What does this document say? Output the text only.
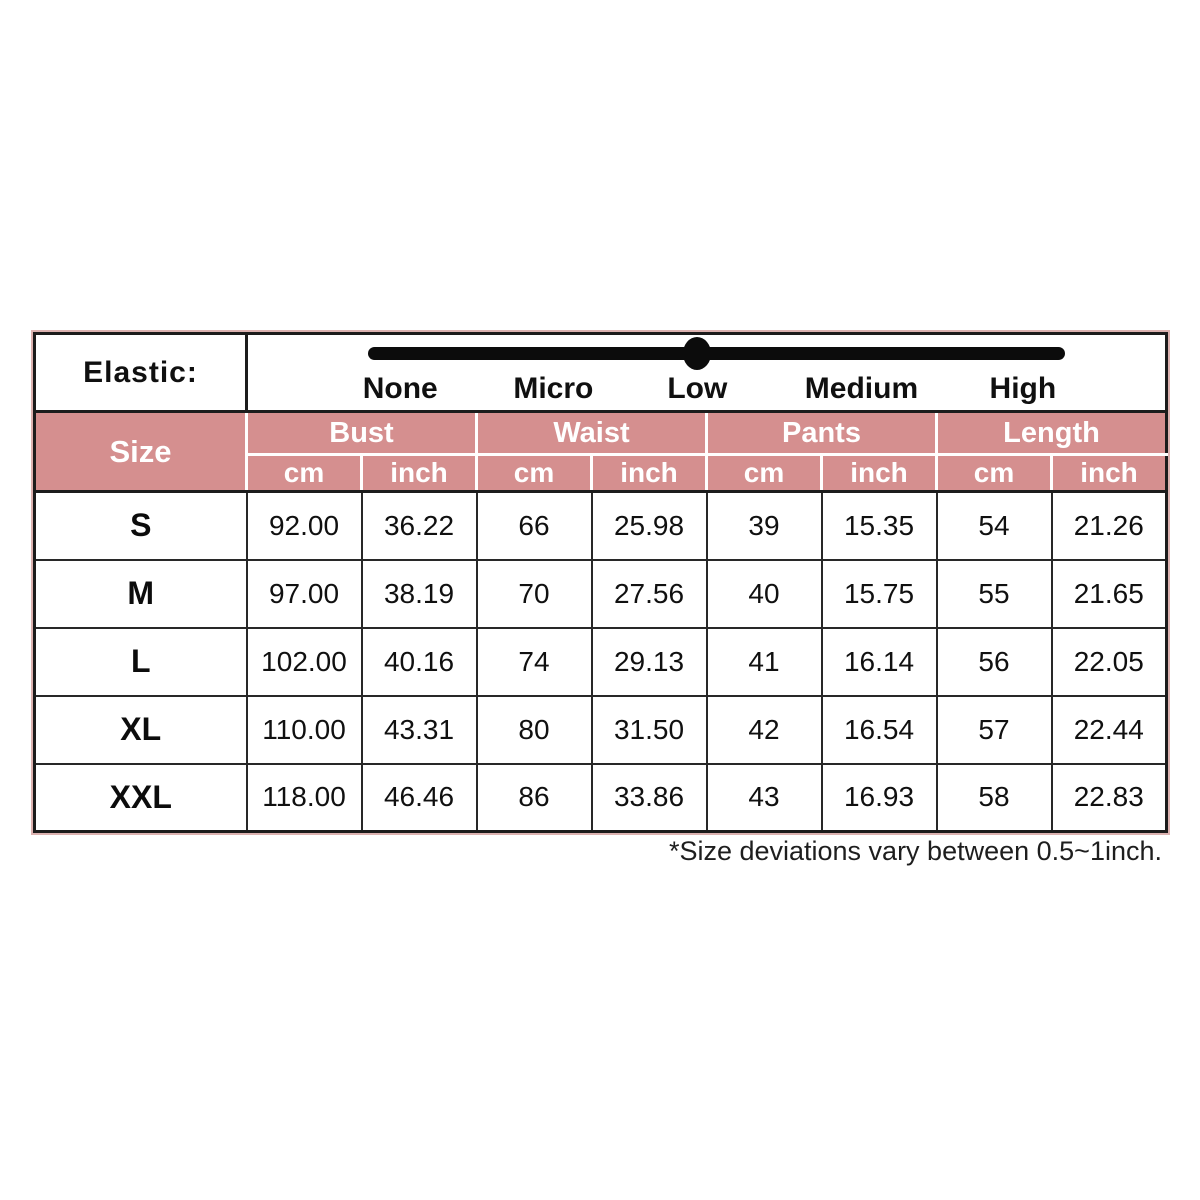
Elastic:	None Micro Low Medium High							

Size	Bust		Waist		Pants		Length	
	cm	inch	cm	inch	cm	inch	cm	inch
S	92.00	36.22	66	25.98	39	15.35	54	21.26
M	97.00	38.19	70	27.56	40	15.75	55	21.65
L	102.00	40.16	74	29.13	41	16.14	56	22.05
XL	110.00	43.31	80	31.50	42	16.54	57	22.44
XXL	118.00	46.46	86	33.86	43	16.93	58	22.83
*Size deviations vary between 0.5~1inch.
